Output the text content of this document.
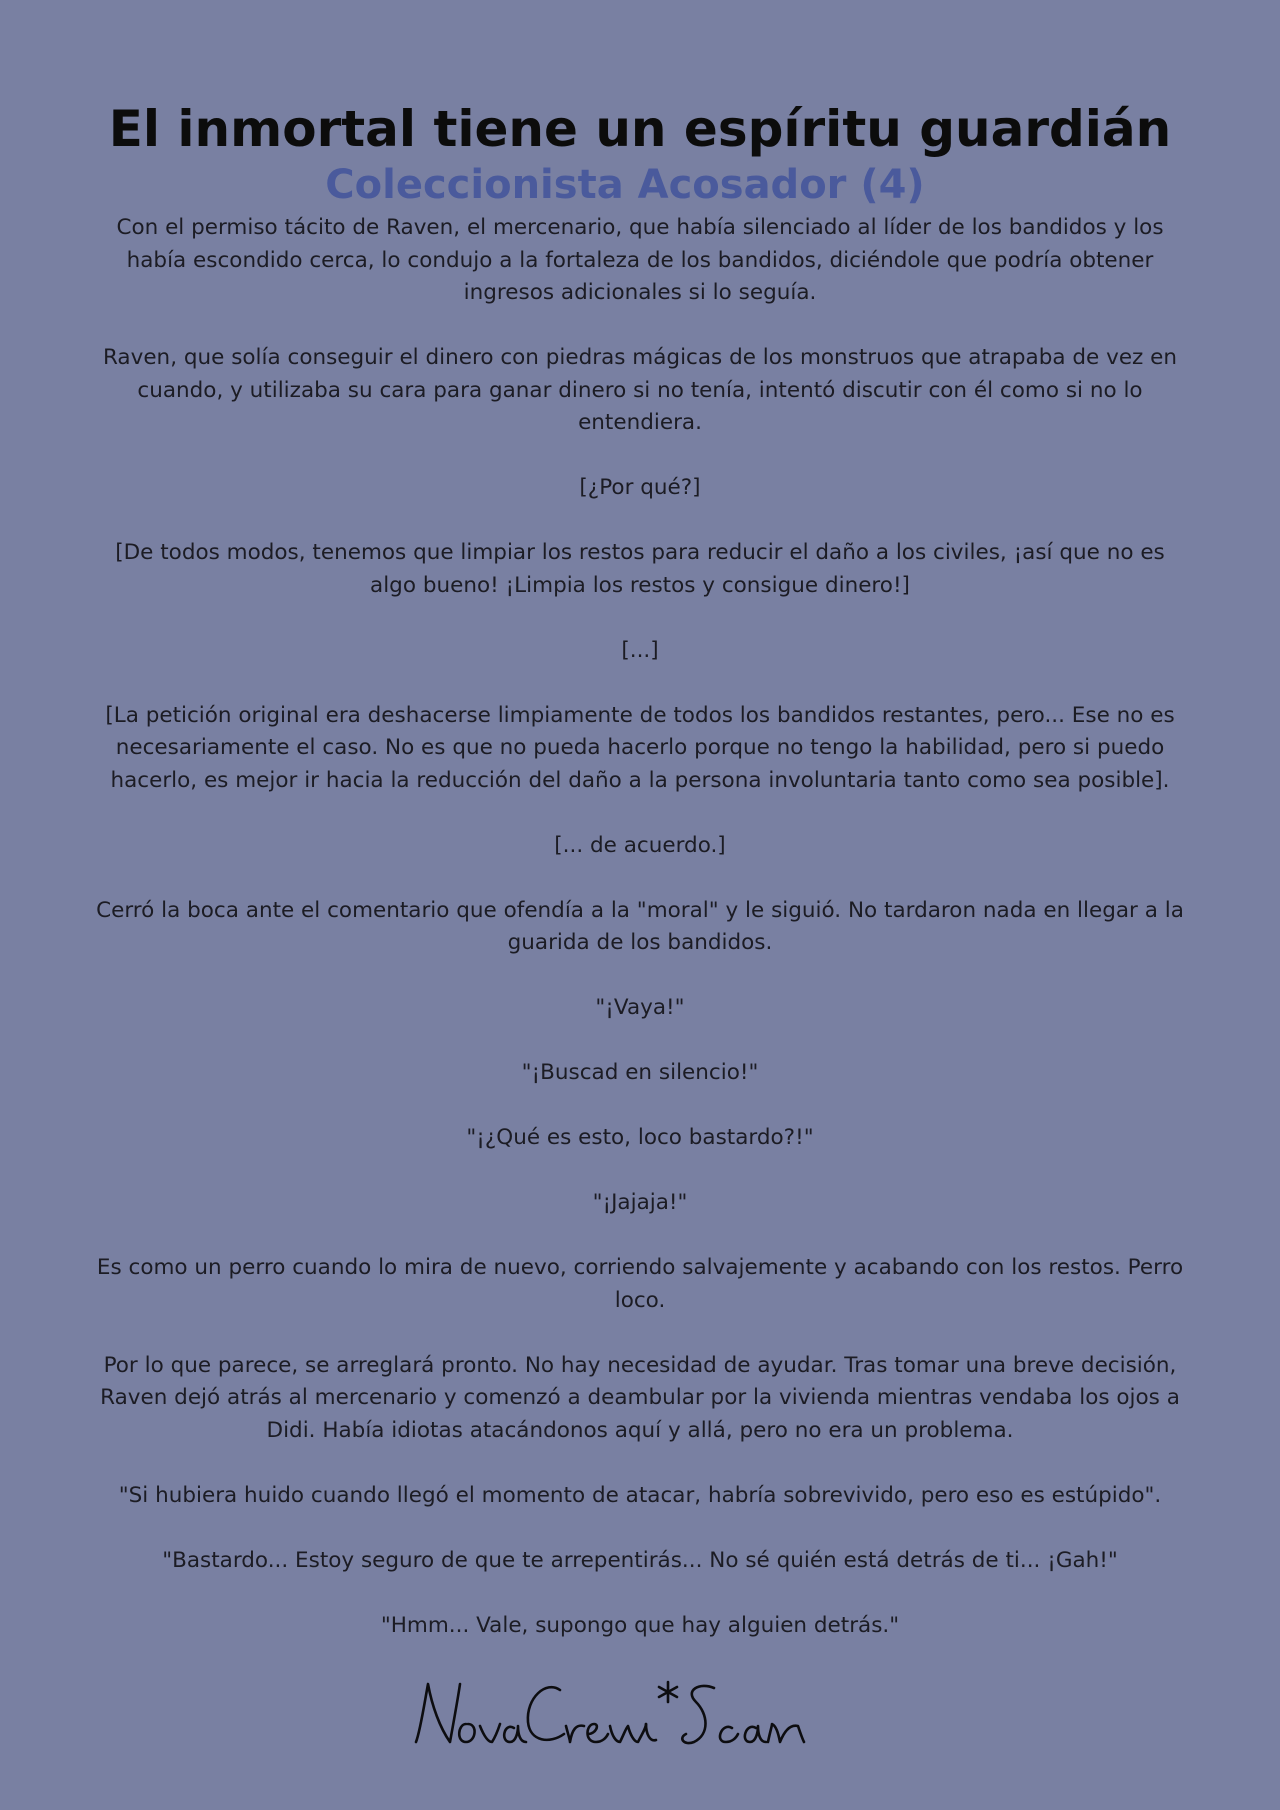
El inmortal tiene un espíritu guardián
Coleccionista Acosador (4)

Con el permiso tácito de Raven, el mercenario, que había silenciado al líder de los bandidos y los había escondido cerca, lo condujo a la fortaleza de los bandidos, diciéndole que podría obtener ingresos adicionales si lo seguía.

Raven, que solía conseguir el dinero con piedras mágicas de los monstruos que atrapaba de vez en cuando, y utilizaba su cara para ganar dinero si no tenía, intentó discutir con él como si no lo entendiera.

[¿Por qué?]

[De todos modos, tenemos que limpiar los restos para reducir el daño a los civiles, ¡así que no es algo bueno! ¡Limpia los restos y consigue dinero!]

[...]

[La petición original era deshacerse limpiamente de todos los bandidos restantes, pero... Ese no es necesariamente el caso. No es que no pueda hacerlo porque no tengo la habilidad, pero si puedo hacerlo, es mejor ir hacia la reducción del daño a la persona involuntaria tanto como sea posible].

[... de acuerdo.]

Cerró la boca ante el comentario que ofendía a la "moral" y le siguió. No tardaron nada en llegar a la guarida de los bandidos.

"¡Vaya!"

"¡Buscad en silencio!"

"¡¿Qué es esto, loco bastardo?!"

"¡Jajaja!"

Es como un perro cuando lo mira de nuevo, corriendo salvajemente y acabando con los restos. Perro loco.

Por lo que parece, se arreglará pronto. No hay necesidad de ayudar. Tras tomar una breve decisión, Raven dejó atrás al mercenario y comenzó a deambular por la vivienda mientras vendaba los ojos a Didi. Había idiotas atacándonos aquí y allá, pero no era un problema.

"Si hubiera huido cuando llegó el momento de atacar, habría sobrevivido, pero eso es estúpido".

"Bastardo... Estoy seguro de que te arrepentirás... No sé quién está detrás de ti... ¡Gah!"

"Hmm... Vale, supongo que hay alguien detrás."
